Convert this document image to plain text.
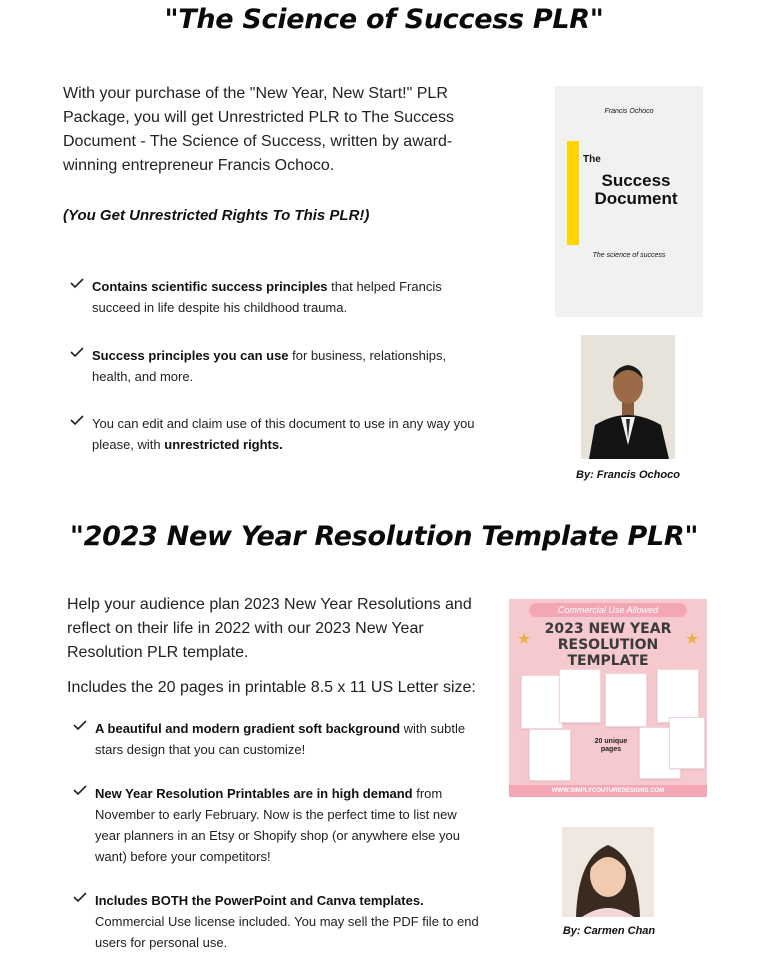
"The Science of Success PLR"
With your purchase of the "New Year, New Start!" PLR Package, you will get Unrestricted PLR to The Success Document - The Science of Success, written by award-winning entrepreneur Francis Ochoco.
(You Get Unrestricted Rights To This PLR!)
Contains scientific success principles that helped Francis succeed in life despite his childhood trauma.
Success principles you can use for business, relationships, health, and more.
You can edit and claim use of this document to use in any way you please, with unrestricted rights.
Francis Ochoco
The
Success Document
The science of success
By: Francis Ochoco
"2023 New Year Resolution Template PLR"
Help your audience plan 2023 New Year Resolutions and reflect on their life in 2022 with our 2023 New Year Resolution PLR template.
Includes the 20 pages in printable 8.5 x 11 US Letter size:
A beautiful and modern gradient soft background with subtle stars design that you can customize!
New Year Resolution Printables are in high demand from November to early February. Now is the perfect time to list new year planners in an Etsy or Shopify shop (or anywhere else you want) before your competitors!
Includes BOTH the PowerPoint and Canva templates. Commercial Use license included. You may sell the PDF file to end users for personal use.
Commercial Use Allowed
2023 NEW YEAR
RESOLUTION
TEMPLATE
★	★
20 unique pages
WWW.SIMPLYCOUTUREDESIGNS.COM
By: Carmen Chan
